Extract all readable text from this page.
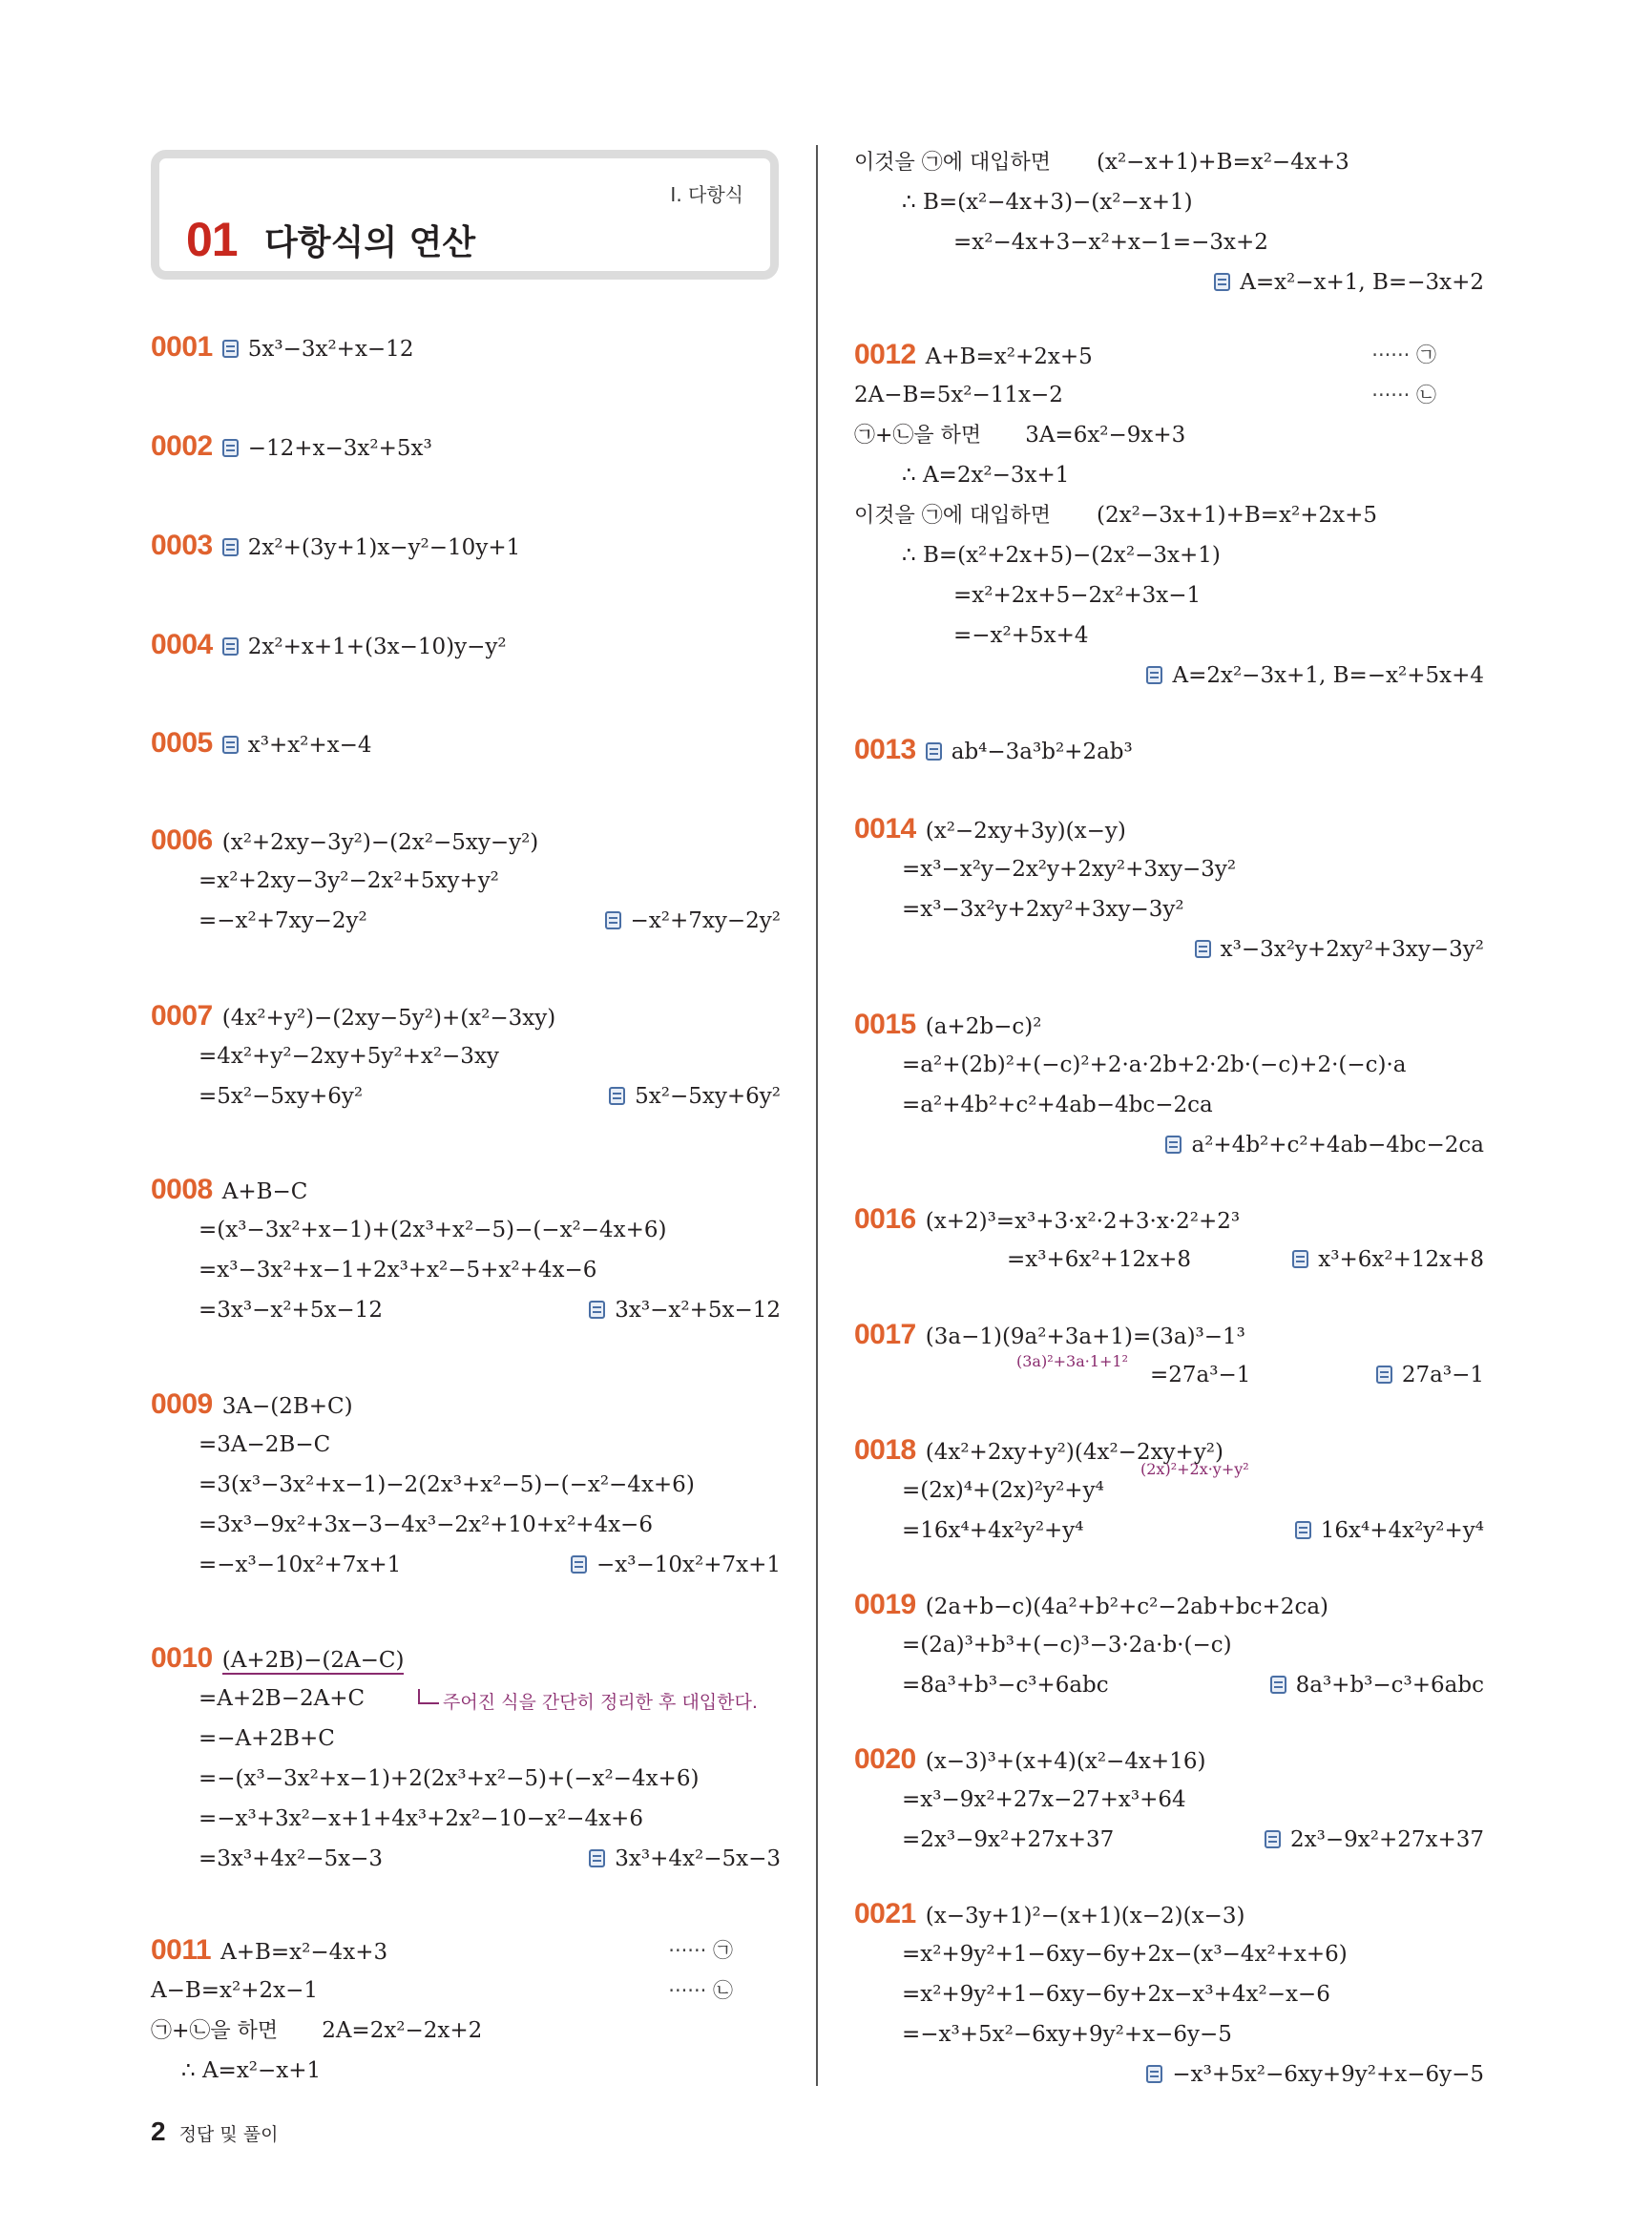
I. 다항식
01 다항식의 연산
0001 5x³−3x²+x−12
0002 −12+x−3x²+5x³
0003 2x²+(3y+1)x−y²−10y+1
0004 2x²+x+1+(3x−10)y−y²
0005 x³+x²+x−4
0006 (x²+2xy−3y²)−(2x²−5xy−y²)
=x²+2xy−3y²−2x²+5xy+y²
=−x²+7xy−2y²	−x²+7xy−2y²
0007 (4x²+y²)−(2xy−5y²)+(x²−3xy)
=4x²+y²−2xy+5y²+x²−3xy
=5x²−5xy+6y²	5x²−5xy+6y²
0008 A+B−C
=(x³−3x²+x−1)+(2x³+x²−5)−(−x²−4x+6)
=x³−3x²+x−1+2x³+x²−5+x²+4x−6
=3x³−x²+5x−12	3x³−x²+5x−12
0009 3A−(2B+C)
=3A−2B−C
=3(x³−3x²+x−1)−2(2x³+x²−5)−(−x²−4x+6)
=3x³−9x²+3x−3−4x³−2x²+10+x²+4x−6
=−x³−10x²+7x+1	−x³−10x²+7x+1
0010 (A+2B)−(2A−C)
=A+2B−2A+C	주어진 식을 간단히 정리한 후 대입한다.
=−A+2B+C
=−(x³−3x²+x−1)+2(2x³+x²−5)+(−x²−4x+6)
=−x³+3x²−x+1+4x³+2x²−10−x²−4x+6
=3x³+4x²−5x−3	3x³+4x²−5x−3
0011 A+B=x²−4x+3	······ ㉠
A−B=x²+2x−1	······ ㉡
㉠+㉡을 하면 2A=2x²−2x+2
∴ A=x²−x+1
이것을 ㉠에 대입하면 (x²−x+1)+B=x²−4x+3
∴ B=(x²−4x+3)−(x²−x+1)
=x²−4x+3−x²+x−1=−3x+2
A=x²−x+1, B=−3x+2
0012 A+B=x²+2x+5	······ ㉠
2A−B=5x²−11x−2	······ ㉡
㉠+㉡을 하면 3A=6x²−9x+3
∴ A=2x²−3x+1
이것을 ㉠에 대입하면 (2x²−3x+1)+B=x²+2x+5
∴ B=(x²+2x+5)−(2x²−3x+1)
=x²+2x+5−2x²+3x−1
=−x²+5x+4
A=2x²−3x+1, B=−x²+5x+4
0013 ab⁴−3a³b²+2ab³
0014 (x²−2xy+3y)(x−y)
=x³−x²y−2x²y+2xy²+3xy−3y²
=x³−3x²y+2xy²+3xy−3y²
x³−3x²y+2xy²+3xy−3y²
0015 (a+2b−c)²
=a²+(2b)²+(−c)²+2·a·2b+2·2b·(−c)+2·(−c)·a
=a²+4b²+c²+4ab−4bc−2ca
a²+4b²+c²+4ab−4bc−2ca
0016 (x+2)³=x³+3·x²·2+3·x·2²+2³
=x³+6x²+12x+8	x³+6x²+12x+8
0017 (3a−1)(9a²+3a+1)=(3a)³−1³
(3a)²+3a·1+1²
=27a³−1	27a³−1
0018 (4x²+2xy+y²)(4x²−2xy+y²)
(2x)²+2x·y+y²
=(2x)⁴+(2x)²y²+y⁴
=16x⁴+4x²y²+y⁴	16x⁴+4x²y²+y⁴
0019 (2a+b−c)(4a²+b²+c²−2ab+bc+2ca)
=(2a)³+b³+(−c)³−3·2a·b·(−c)
=8a³+b³−c³+6abc	8a³+b³−c³+6abc
0020 (x−3)³+(x+4)(x²−4x+16)
=x³−9x²+27x−27+x³+64
=2x³−9x²+27x+37	2x³−9x²+27x+37
0021 (x−3y+1)²−(x+1)(x−2)(x−3)
=x²+9y²+1−6xy−6y+2x−(x³−4x²+x+6)
=x²+9y²+1−6xy−6y+2x−x³+4x²−x−6
=−x³+5x²−6xy+9y²+x−6y−5
−x³+5x²−6xy+9y²+x−6y−5
2 정답 및 풀이
